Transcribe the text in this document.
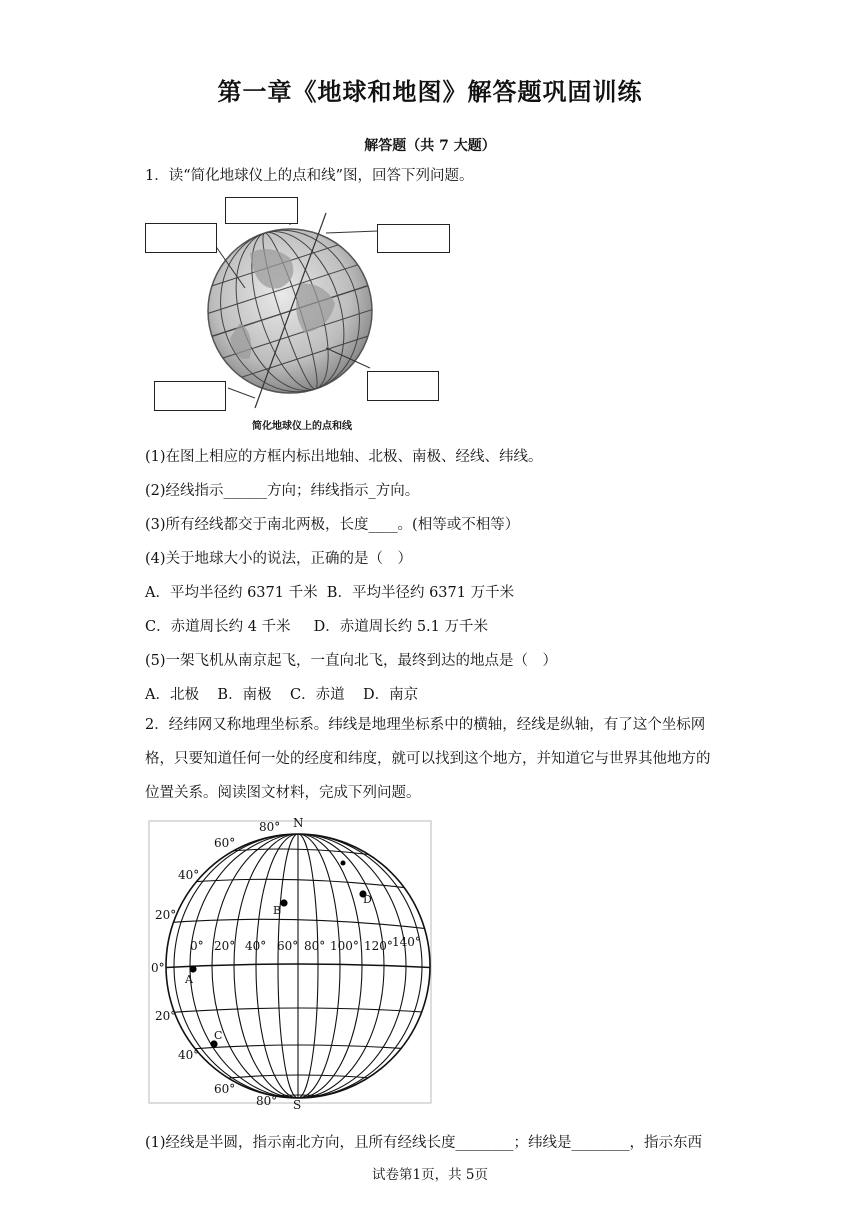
第一章《地球和地图》解答题巩固训练
解答题（共 7 大题）
1．读“简化地球仪上的点和线”图，回答下列问题。
简化地球仪上的点和线
(1)在图上相应的方框内标出地轴、北极、南极、经线、纬线。
(2)经线指示______方向；纬线指示_方向。
(3)所有经线都交于南北两极，长度____。(相等或不相等）
(4)关于地球大小的说法，正确的是（　）
A．平均半径约 6371 千米  B．平均半径约 6371 万千米
C．赤道周长约 4 千米     D．赤道周长约 5.1 万千米
(5)一架飞机从南京起飞，一直向北飞，最终到达的地点是（　）
A．北极    B．南极    C．赤道    D．南京
2．经纬网又称地理坐标系。纬线是地理坐标系中的横轴，经线是纵轴，有了这个坐标网格，只要知道任何一处的经度和纬度，就可以找到这个地方，并知道它与世界其他地方的位置关系。阅读图文材料，完成下列问题。
N
S
80°
60°
40°
20°
0°
20°
40°
60°
80°
0° 20° 40° 60° 80° 100° 120° 140°
A
B
C
D
(1)经线是半圆，指示南北方向，且所有经线长度________；纬线是________，指示东西
试卷第1页，共 5页
